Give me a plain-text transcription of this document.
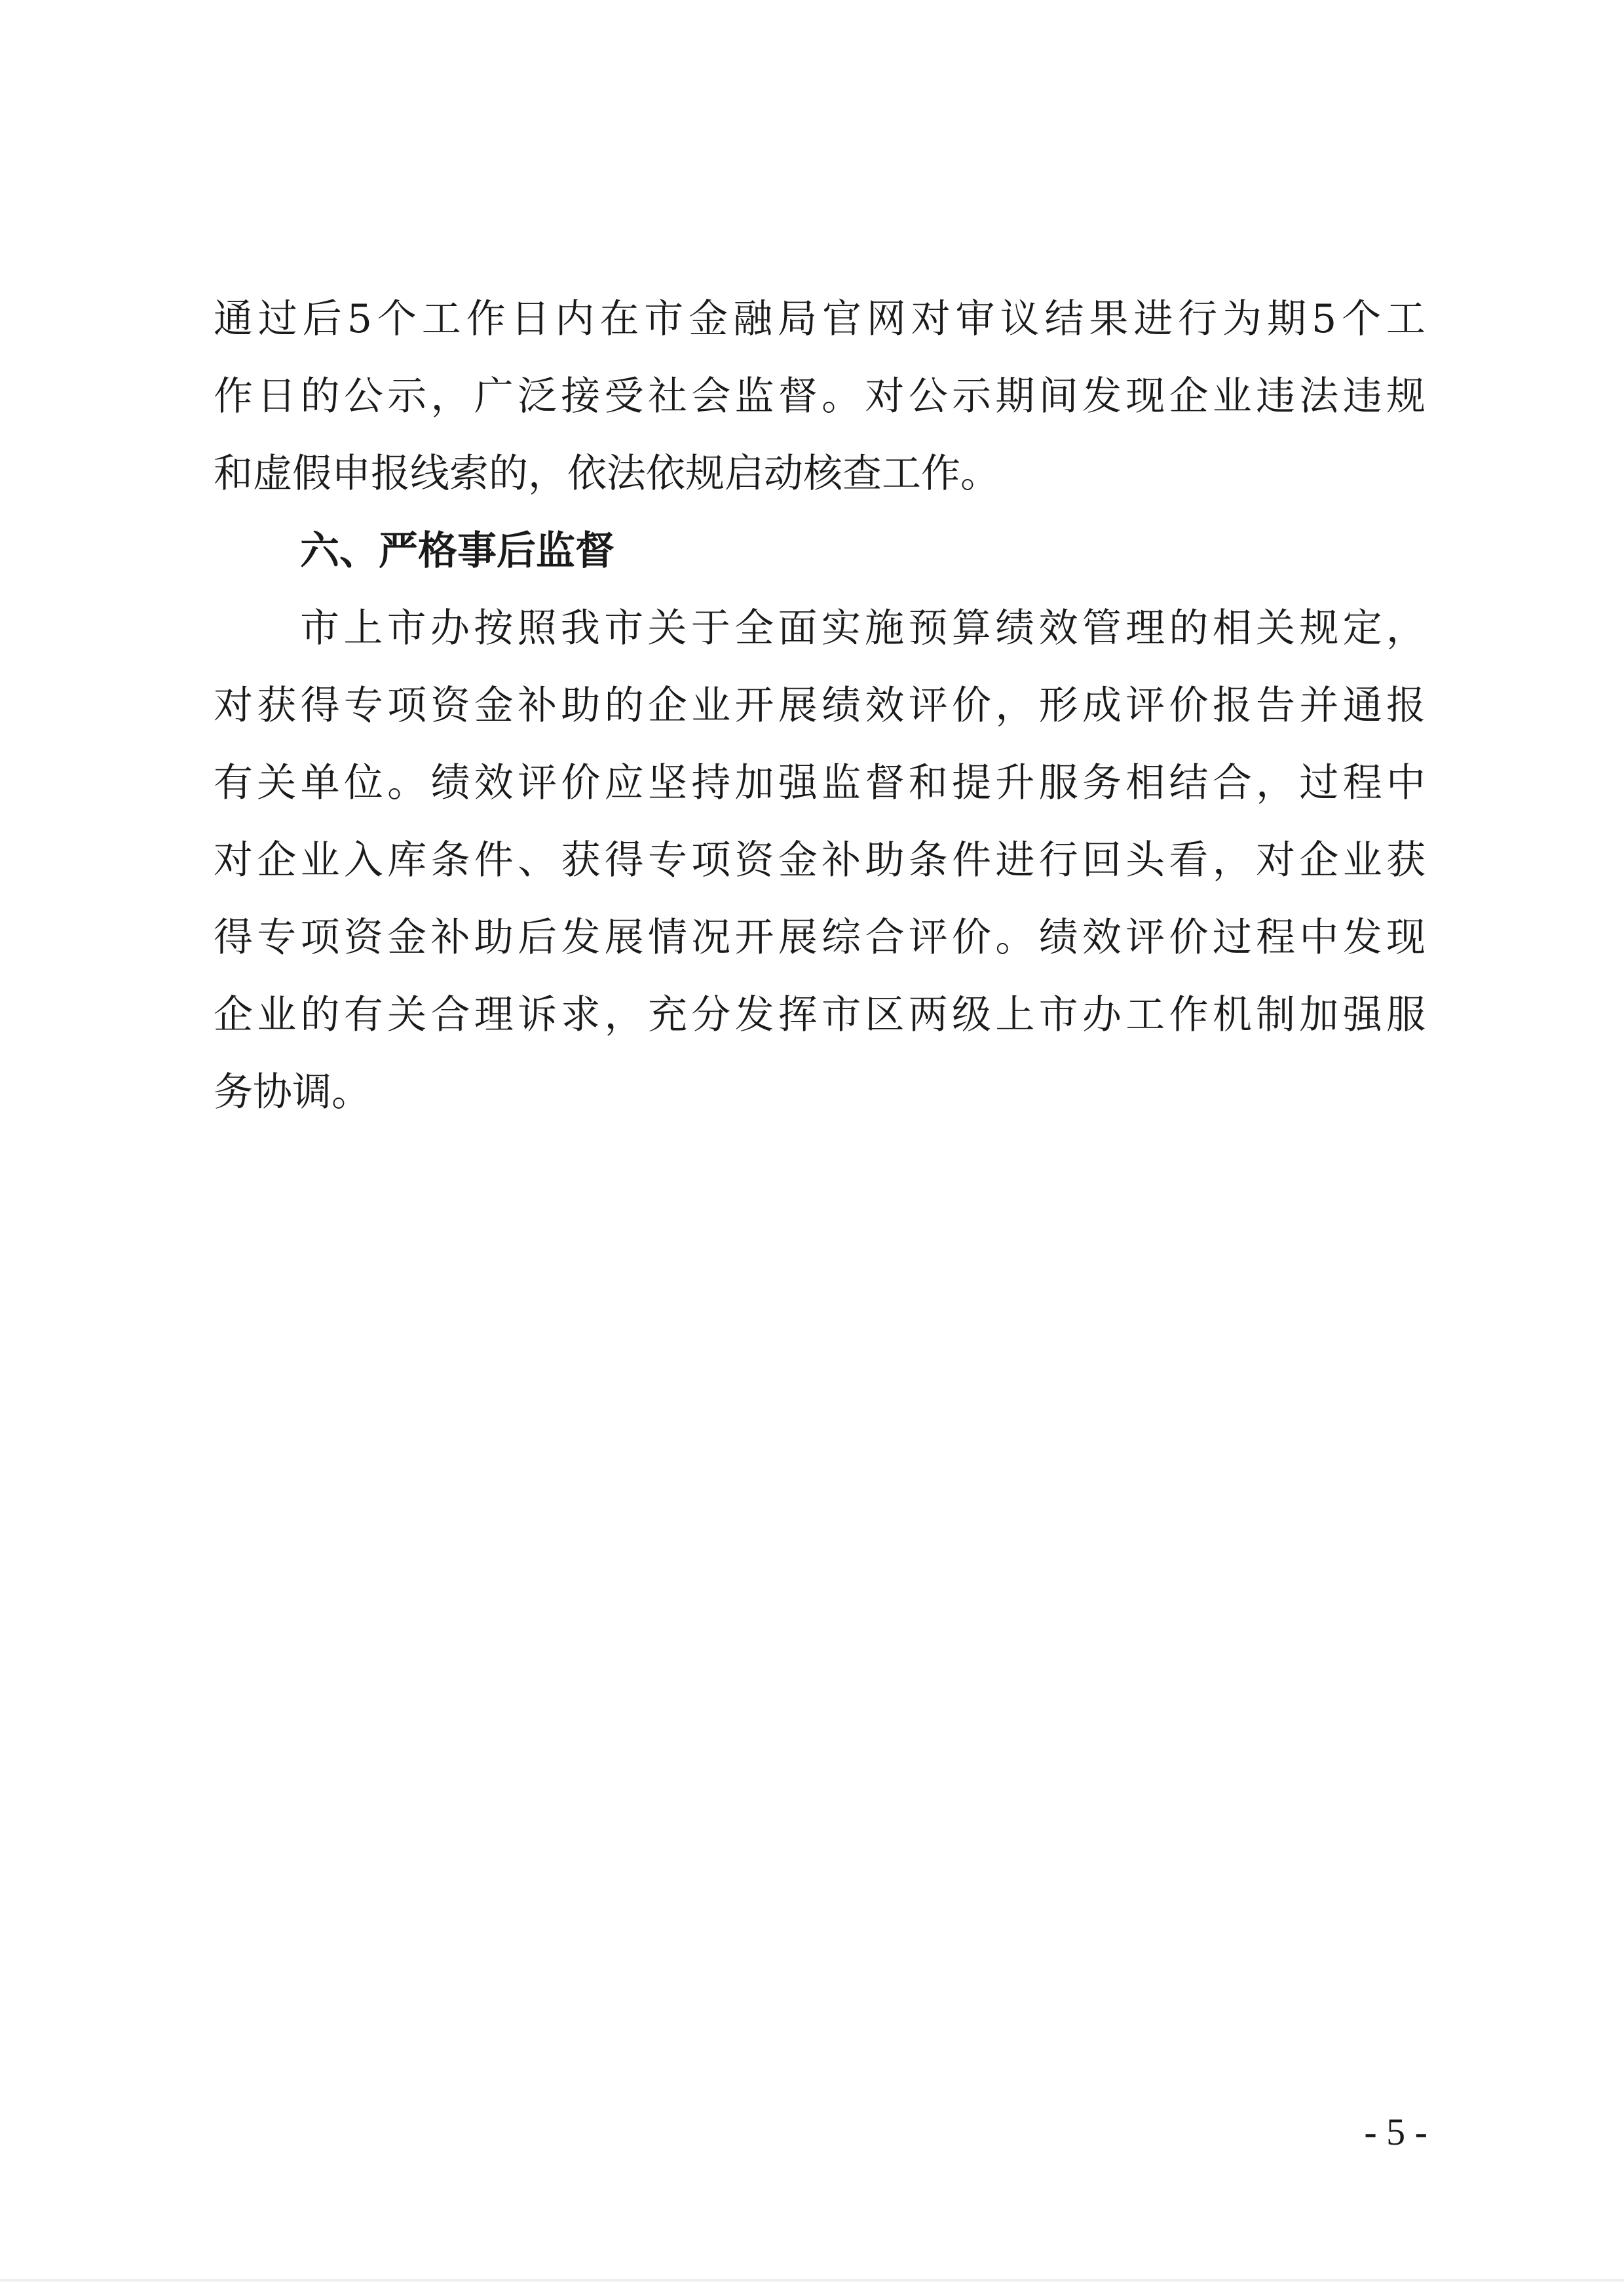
通过后5个工作日内在市金融局官网对审议结果进行为期5个工
作日的公示，广泛接受社会监督。对公示期间发现企业违法违规
和虚假申报线索的，依法依规启动核查工作。
六、严格事后监督
市上市办按照我市关于全面实施预算绩效管理的相关规定，
对获得专项资金补助的企业开展绩效评价，形成评价报告并通报
有关单位。绩效评价应坚持加强监督和提升服务相结合，过程中
对企业入库条件、获得专项资金补助条件进行回头看，对企业获
得专项资金补助后发展情况开展综合评价。绩效评价过程中发现
企业的有关合理诉求，充分发挥市区两级上市办工作机制加强服
务协调。
- 5 -
